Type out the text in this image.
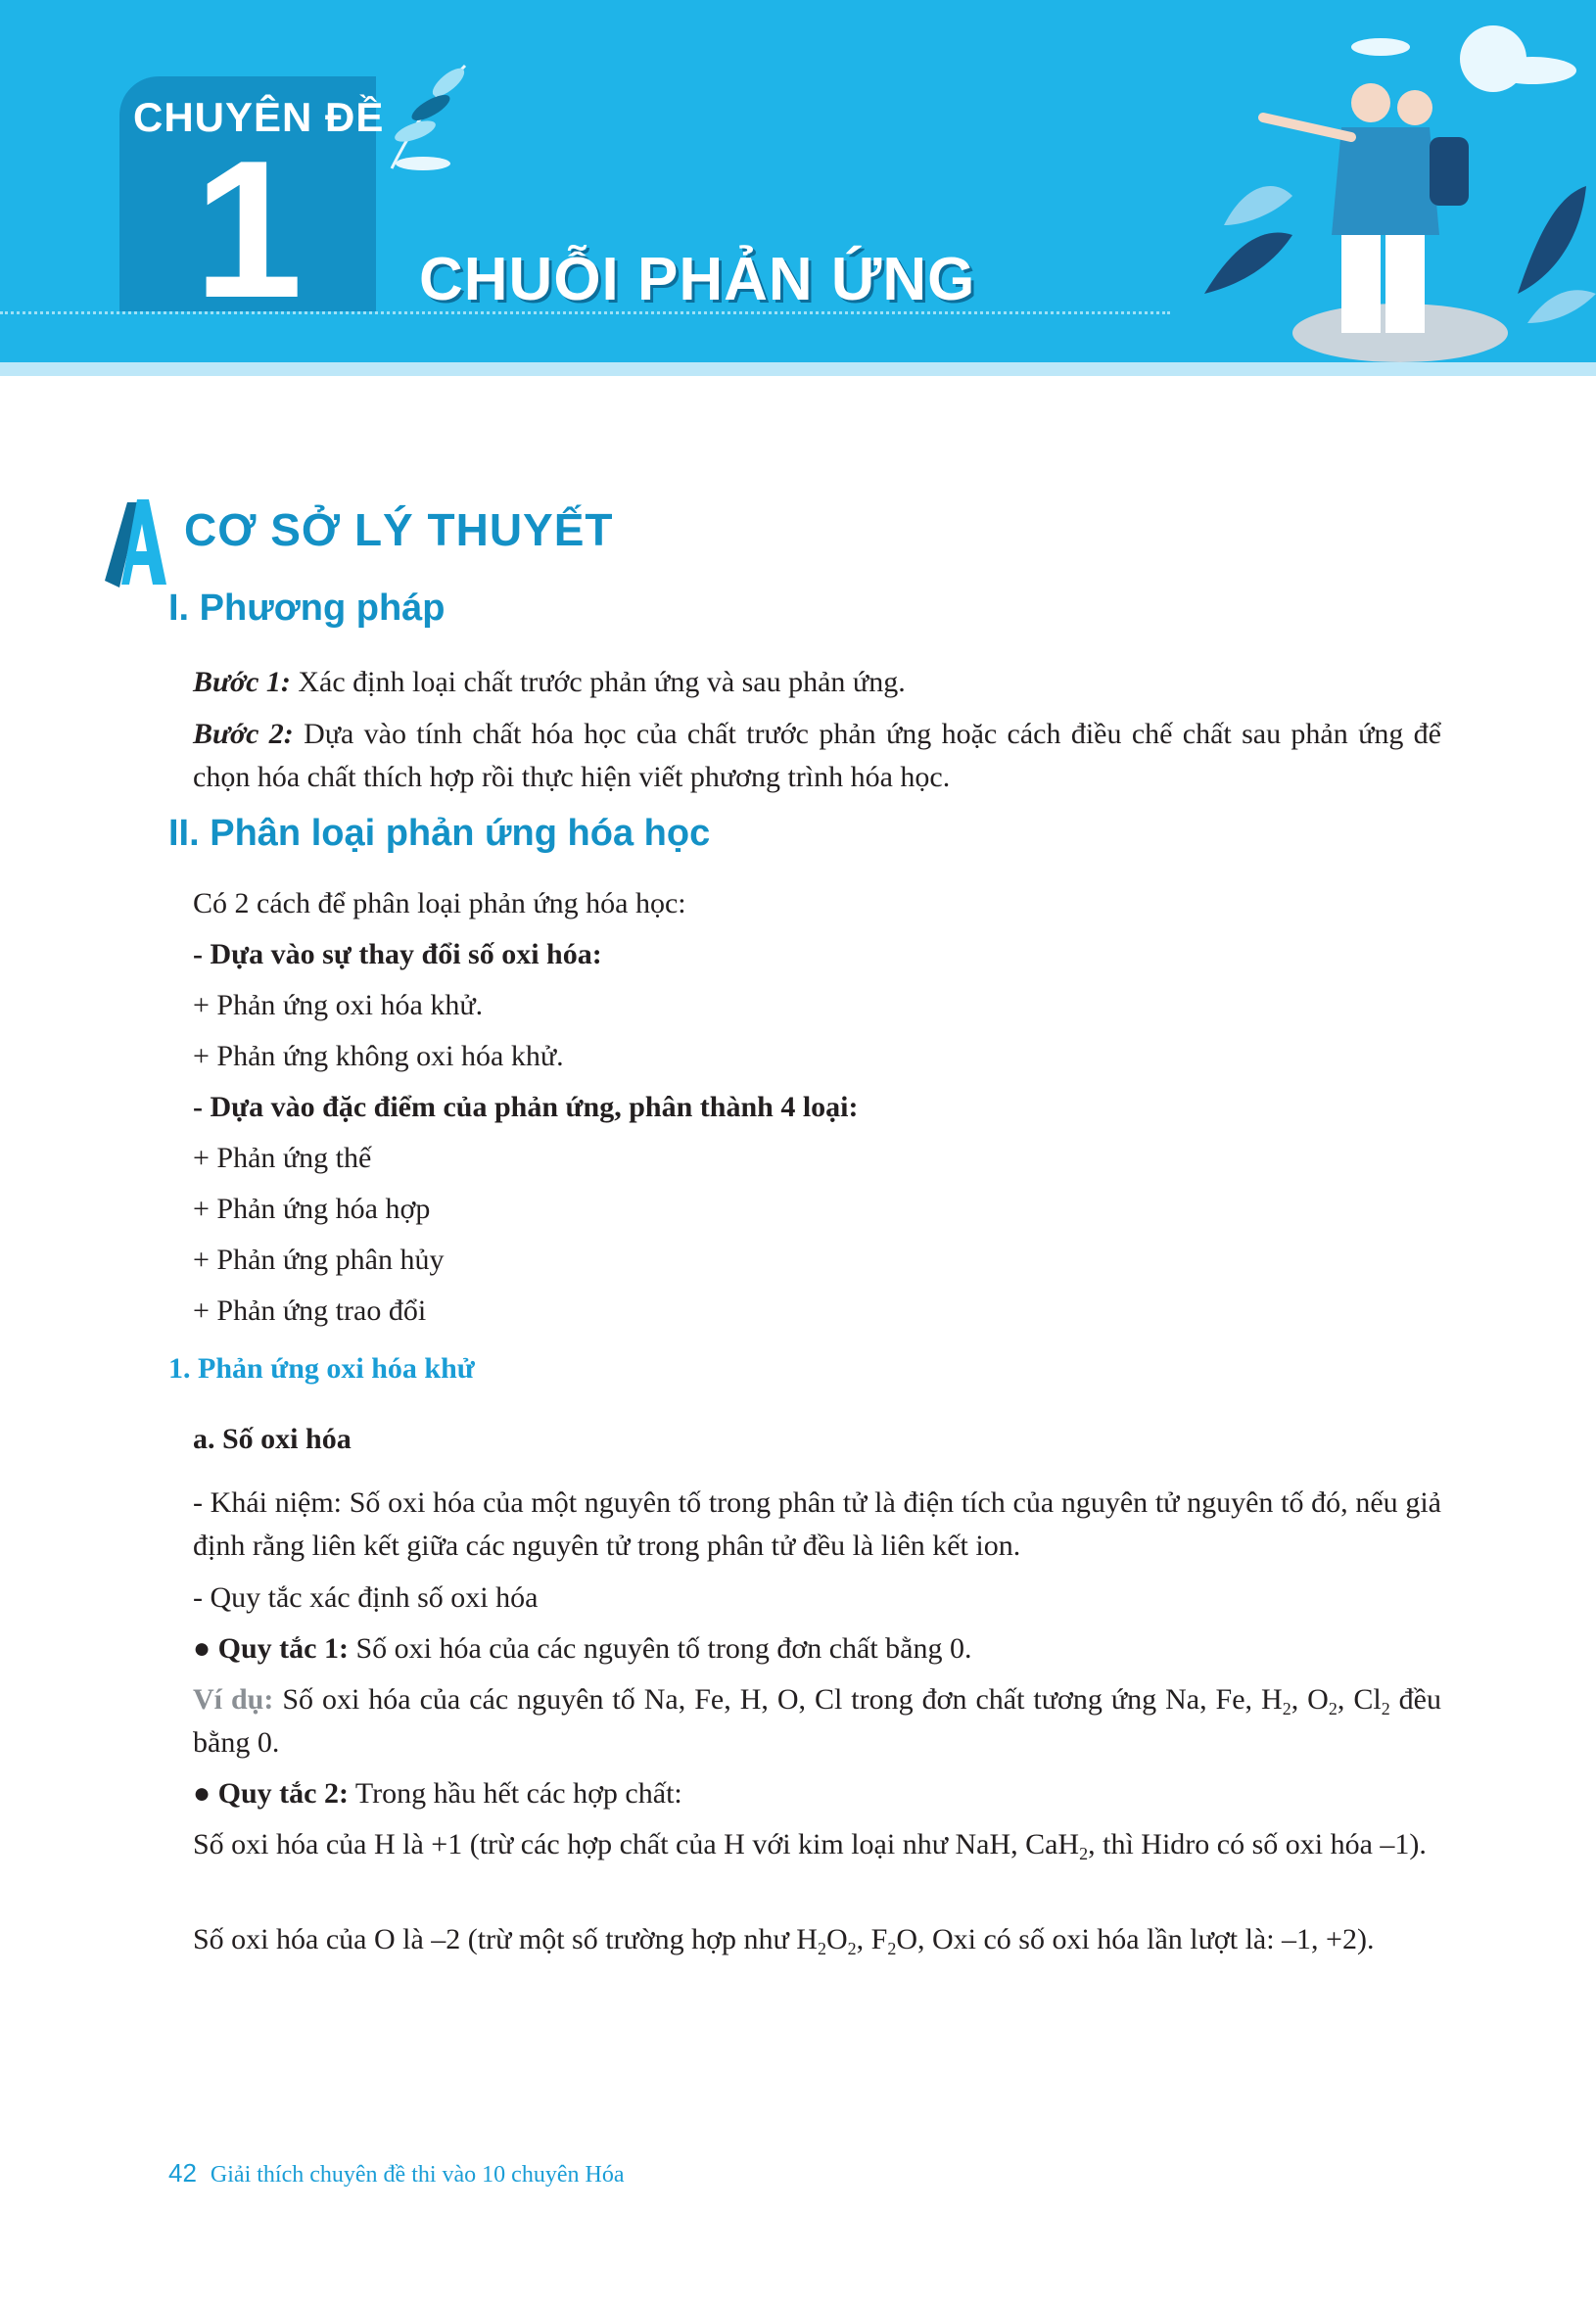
CHUYÊN ĐỀ
1 CHUỖI PHẢN ỨNG
CƠ SỞ LÝ THUYẾT
I. Phương pháp
Bước 1: Xác định loại chất trước phản ứng và sau phản ứng.
Bước 2: Dựa vào tính chất hóa học của chất trước phản ứng hoặc cách điều chế chất sau phản ứng để chọn hóa chất thích hợp rồi thực hiện viết phương trình hóa học.
II. Phân loại phản ứng hóa học
Có 2 cách để phân loại phản ứng hóa học:
- Dựa vào sự thay đổi số oxi hóa:
+ Phản ứng oxi hóa khử.
+ Phản ứng không oxi hóa khử.
- Dựa vào đặc điểm của phản ứng, phân thành 4 loại:
+ Phản ứng thế
+ Phản ứng hóa hợp
+ Phản ứng phân hủy
+ Phản ứng trao đổi
1. Phản ứng oxi hóa khử
a. Số oxi hóa
- Khái niệm: Số oxi hóa của một nguyên tố trong phân tử là điện tích của nguyên tử nguyên tố đó, nếu giả định rằng liên kết giữa các nguyên tử trong phân tử đều là liên kết ion.
- Quy tắc xác định số oxi hóa
● Quy tắc 1: Số oxi hóa của các nguyên tố trong đơn chất bằng 0.
Ví dụ: Số oxi hóa của các nguyên tố Na, Fe, H, O, Cl trong đơn chất tương ứng Na, Fe, $H_2$, $O_2$, $Cl_2$ đều bằng 0.
● Quy tắc 2: Trong hầu hết các hợp chất:
Số oxi hóa của H là +1 (trừ các hợp chất của H với kim loại như NaH, CaH$_2$, thì Hidro có số oxi hóa –1).
Số oxi hóa của O là –2 (trừ một số trường hợp như $H_2O_2$, $F_2O$, Oxi có số oxi hóa lần lượt là: –1, +2).
42 Giải thích chuyên đề thi vào 10 chuyên Hóa
